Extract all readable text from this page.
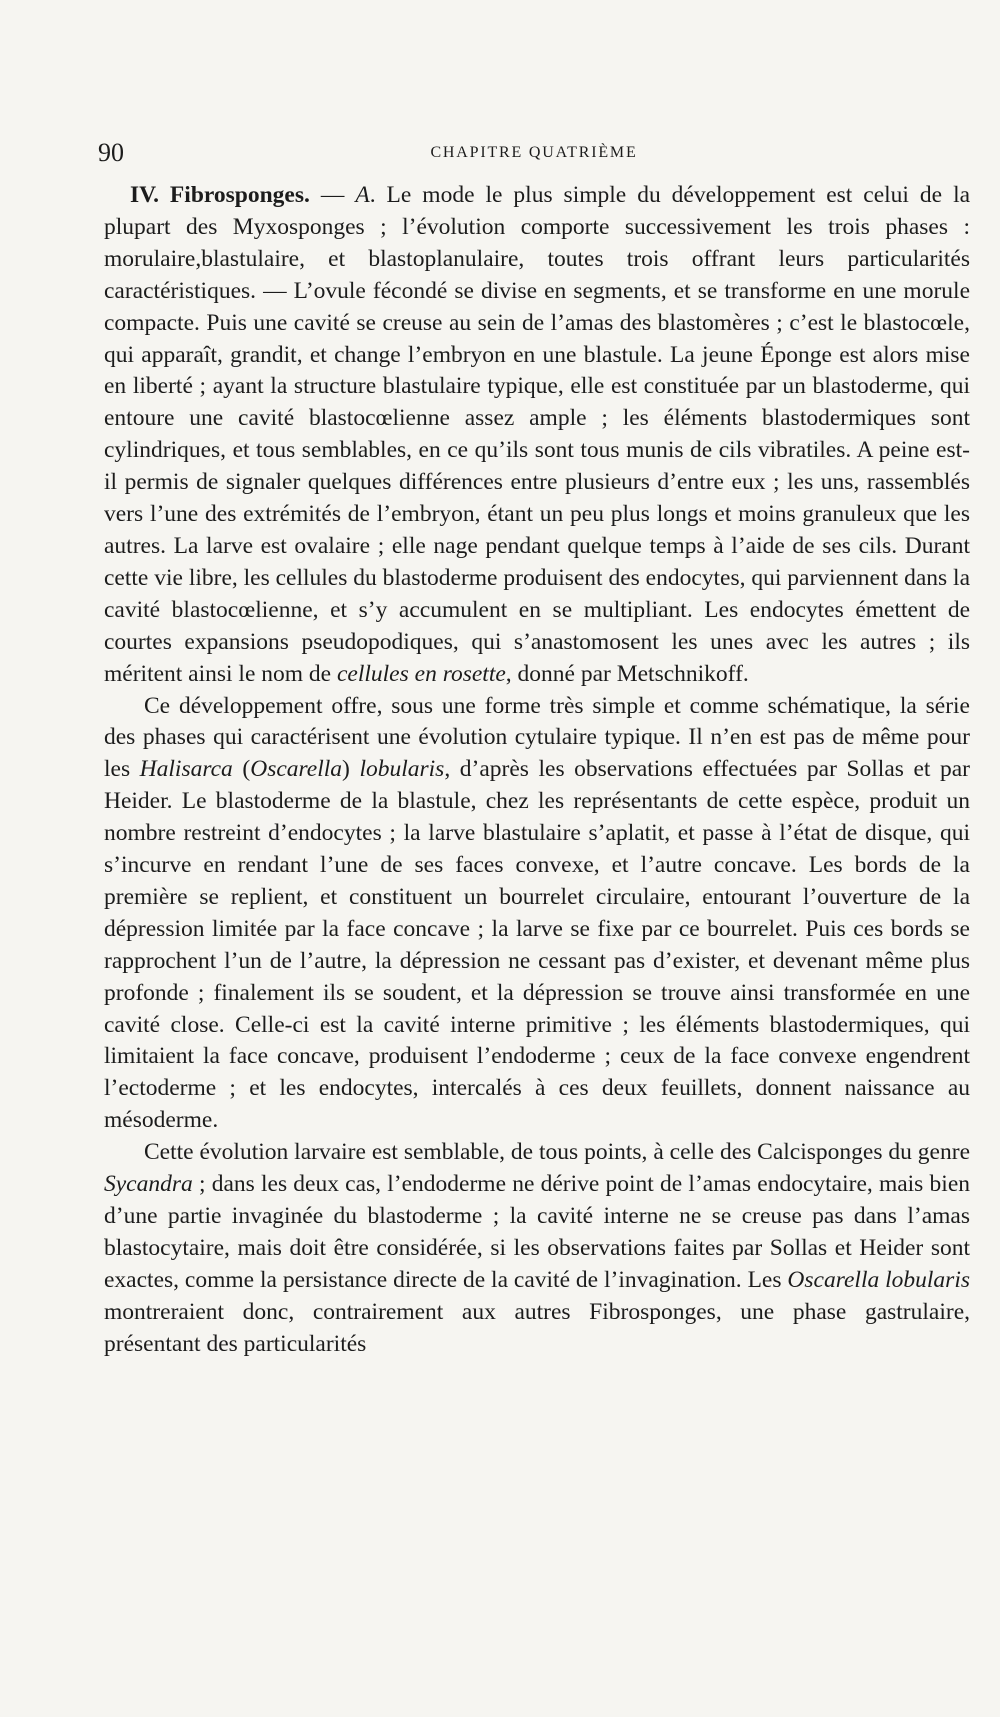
90	CHAPITRE QUATRIÈME

IV. Fibrosponges. — A. Le mode le plus simple du développement est celui de la plupart des Myxosponges ; l’évolution comporte successivement les trois phases : morulaire,blastulaire, et blastoplanulaire, toutes trois offrant leurs particularités caractéristiques. — L’ovule fécondé se divise en segments, et se transforme en une morule compacte. Puis une cavité se creuse au sein de l’amas des blastomères ; c’est le blastocœle, qui apparaît, grandit, et change l’embryon en une blastule. La jeune Éponge est alors mise en liberté ; ayant la structure blastulaire typique, elle est constituée par un blastoderme, qui entoure une cavité blastocœlienne assez ample ; les éléments blastodermiques sont cylindriques, et tous semblables, en ce qu’ils sont tous munis de cils vibratiles. A peine est-il permis de signaler quelques différences entre plusieurs d’entre eux ; les uns, rassemblés vers l’une des extrémités de l’embryon, étant un peu plus longs et moins granuleux que les autres. La larve est ovalaire ; elle nage pendant quelque temps à l’aide de ses cils. Durant cette vie libre, les cellules du blastoderme produisent des endocytes, qui parviennent dans la cavité blastocœlienne, et s’y accumulent en se multipliant. Les endocytes émettent de courtes expansions pseudopodiques, qui s’anastomosent les unes avec les autres ; ils méritent ainsi le nom de cellules en rosette, donné par Metschnikoff.

Ce développement offre, sous une forme très simple et comme schématique, la série des phases qui caractérisent une évolution cytulaire typique. Il n’en est pas de même pour les Halisarca (Oscarella) lobularis, d’après les observations effectuées par Sollas et par Heider. Le blastoderme de la blastule, chez les représentants de cette espèce, produit un nombre restreint d’endocytes ; la larve blastulaire s’aplatit, et passe à l’état de disque, qui s’incurve en rendant l’une de ses faces convexe, et l’autre concave. Les bords de la première se replient, et constituent un bourrelet circulaire, entourant l’ouverture de la dépression limitée par la face concave ; la larve se fixe par ce bourrelet. Puis ces bords se rapprochent l’un de l’autre, la dépression ne cessant pas d’exister, et devenant même plus profonde ; finalement ils se soudent, et la dépression se trouve ainsi transformée en une cavité close. Celle-ci est la cavité interne primitive ; les éléments blastodermiques, qui limitaient la face concave, produisent l’endoderme ; ceux de la face convexe engendrent l’ectoderme ; et les endocytes, intercalés à ces deux feuillets, donnent naissance au mésoderme.

Cette évolution larvaire est semblable, de tous points, à celle des Calcisponges du genre Sycandra ; dans les deux cas, l’endoderme ne dérive point de l’amas endocytaire, mais bien d’une partie invaginée du blastoderme ; la cavité interne ne se creuse pas dans l’amas blastocytaire, mais doit être considérée, si les observations faites par Sollas et Heider sont exactes, comme la persistance directe de la cavité de l’invagination. Les Oscarella lobularis montreraient donc, contrairement aux autres Fibrosponges, une phase gastrulaire, présentant des particularités
